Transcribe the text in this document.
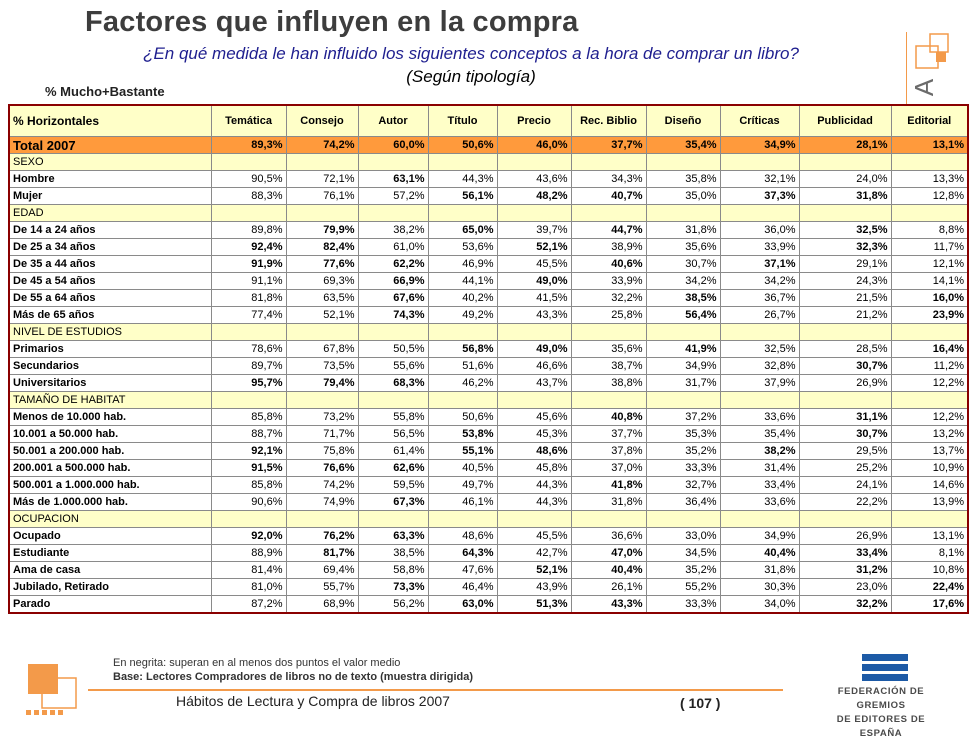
Factores que influyen en la compra
¿En qué medida le han influido los siguientes conceptos a la hora de comprar un libro?
(Según tipología)
% Mucho+Bastante	A
% Horizontales	Temática	Consejo	Autor	Título	Precio	Rec. Biblio	Diseño	Críticas	Publicidad	Editorial
Total 2007	89,3%	74,2%	60,0%	50,6%	46,0%	37,7%	35,4%	34,9%	28,1%	13,1%
SEXO										
Hombre	90,5%	72,1%	63,1%	44,3%	43,6%	34,3%	35,8%	32,1%	24,0%	13,3%
Mujer	88,3%	76,1%	57,2%	56,1%	48,2%	40,7%	35,0%	37,3%	31,8%	12,8%
EDAD										
De 14 a 24 años	89,8%	79,9%	38,2%	65,0%	39,7%	44,7%	31,8%	36,0%	32,5%	8,8%
De 25 a 34 años	92,4%	82,4%	61,0%	53,6%	52,1%	38,9%	35,6%	33,9%	32,3%	11,7%
De 35 a 44 años	91,9%	77,6%	62,2%	46,9%	45,5%	40,6%	30,7%	37,1%	29,1%	12,1%
De 45 a 54 años	91,1%	69,3%	66,9%	44,1%	49,0%	33,9%	34,2%	34,2%	24,3%	14,1%
De 55 a 64 años	81,8%	63,5%	67,6%	40,2%	41,5%	32,2%	38,5%	36,7%	21,5%	16,0%
Más de 65 años	77,4%	52,1%	74,3%	49,2%	43,3%	25,8%	56,4%	26,7%	21,2%	23,9%
NIVEL DE ESTUDIOS										
Primarios	78,6%	67,8%	50,5%	56,8%	49,0%	35,6%	41,9%	32,5%	28,5%	16,4%
Secundarios	89,7%	73,5%	55,6%	51,6%	46,6%	38,7%	34,9%	32,8%	30,7%	11,2%
Universitarios	95,7%	79,4%	68,3%	46,2%	43,7%	38,8%	31,7%	37,9%	26,9%	12,2%
TAMAÑO DE HABITAT										
Menos de 10.000 hab.	85,8%	73,2%	55,8%	50,6%	45,6%	40,8%	37,2%	33,6%	31,1%	12,2%
10.001 a 50.000 hab.	88,7%	71,7%	56,5%	53,8%	45,3%	37,7%	35,3%	35,4%	30,7%	13,2%
50.001 a 200.000 hab.	92,1%	75,8%	61,4%	55,1%	48,6%	37,8%	35,2%	38,2%	29,5%	13,7%
200.001 a 500.000 hab.	91,5%	76,6%	62,6%	40,5%	45,8%	37,0%	33,3%	31,4%	25,2%	10,9%
500.001 a 1.000.000 hab.	85,8%	74,2%	59,5%	49,7%	44,3%	41,8%	32,7%	33,4%	24,1%	14,6%
Más de 1.000.000 hab.	90,6%	74,9%	67,3%	46,1%	44,3%	31,8%	36,4%	33,6%	22,2%	13,9%
OCUPACION										
Ocupado	92,0%	76,2%	63,3%	48,6%	45,5%	36,6%	33,0%	34,9%	26,9%	13,1%
Estudiante	88,9%	81,7%	38,5%	64,3%	42,7%	47,0%	34,5%	40,4%	33,4%	8,1%
Ama de casa	81,4%	69,4%	58,8%	47,6%	52,1%	40,4%	35,2%	31,8%	31,2%	10,8%
Jubilado, Retirado	81,0%	55,7%	73,3%	46,4%	43,9%	26,1%	55,2%	30,3%	23,0%	22,4%
Parado	87,2%	68,9%	56,2%	63,0%	51,3%	43,3%	33,3%	34,0%	32,2%	17,6%
En negrita: superan en al menos dos puntos el valor medio
Base: Lectores Compradores de libros no de texto (muestra dirigida)
Hábitos de Lectura y Compra de libros 2007	( 107 )
FEDERACIÓN DE GREMIOS
DE EDITORES DE ESPAÑA
